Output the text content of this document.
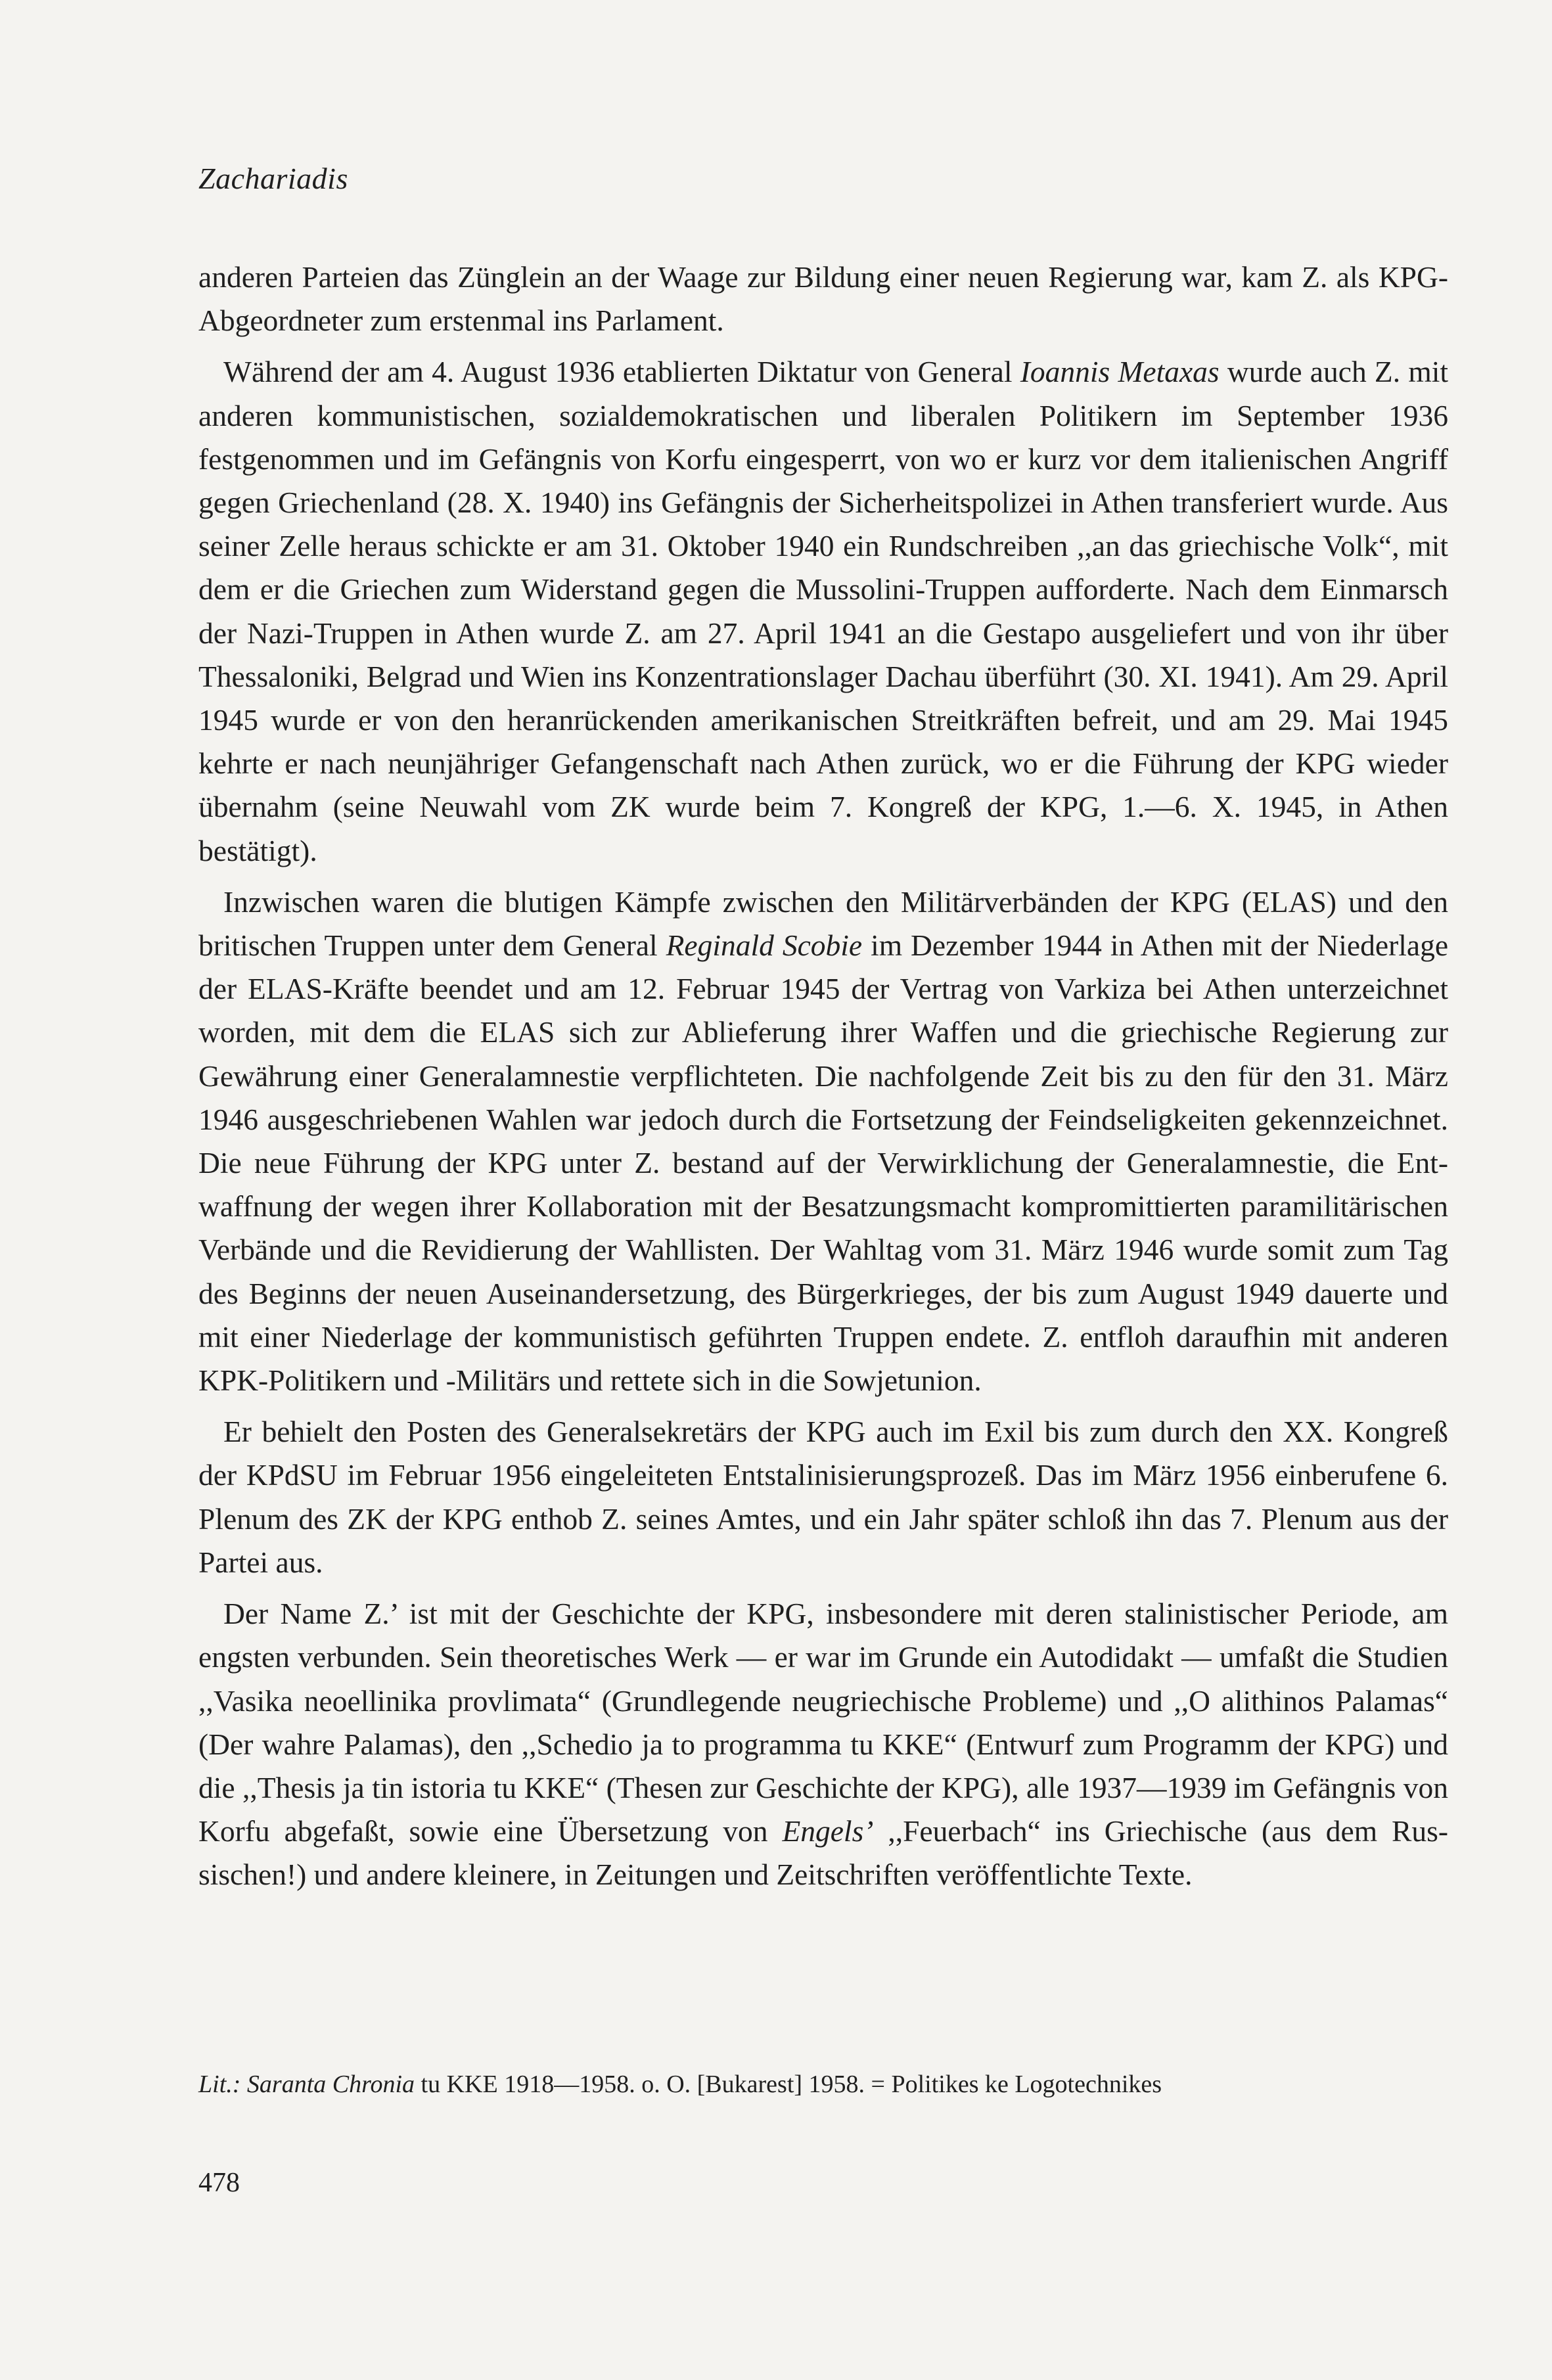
Zachariadis

anderen Parteien das Zünglein an der Waage zur Bildung einer neuen Regierung war, kam Z. als KPG-Abgeordneter zum erstenmal ins Parlament.

Während der am 4. August 1936 etablierten Diktatur von General Ioannis Metaxas wurde auch Z. mit anderen kommunistischen, sozialdemokratischen und liberalen Politikern im September 1936 festgenommen und im Gefängnis von Korfu eingesperrt, von wo er kurz vor dem italienischen Angriff gegen Griechenland (28. X. 1940) ins Gefängnis der Sicherheitspolizei in Athen transferiert wurde. Aus seiner Zelle heraus schickte er am 31. Oktober 1940 ein Rundschreiben ,,an das griechische Volk“, mit dem er die Griechen zum Widerstand gegen die Mussolini-Truppen aufforderte. Nach dem Einmarsch der Nazi-Truppen in Athen wurde Z. am 27. April 1941 an die Gestapo ausgeliefert und von ihr über Thessaloniki, Belgrad und Wien ins Konzentrationslager Dachau überführt (30. XI. 1941). Am 29. April 1945 wurde er von den heranrückenden amerikanischen Streitkräften befreit, und am 29. Mai 1945 kehrte er nach neunjähriger Gefangenschaft nach Athen zurück, wo er die Führung der KPG wieder übernahm (seine Neuwahl vom ZK wurde beim 7. Kongreß der KPG, 1.—6. X. 1945, in Athen bestätigt).

Inzwischen waren die blutigen Kämpfe zwischen den Militärverbänden der KPG (ELAS) und den britischen Truppen unter dem General Reginald Scobie im Dezember 1944 in Athen mit der Niederlage der ELAS-Kräfte beendet und am 12. Februar 1945 der Vertrag von Varkiza bei Athen unterzeichnet worden, mit dem die ELAS sich zur Ablieferung ihrer Waffen und die griechische Regierung zur Gewährung einer Generalamnestie verpflichteten. Die nachfolgende Zeit bis zu den für den 31. März 1946 ausgeschriebenen Wahlen war jedoch durch die Fortsetzung der Feindseligkeiten gekennzeichnet. Die neue Führung der KPG unter Z. bestand auf der Verwirklichung der Generalamnestie, die Entwaffnung der wegen ihrer Kollaboration mit der Besatzungsmacht kompromittierten paramilitärischen Verbände und die Revidierung der Wahllisten. Der Wahltag vom 31. März 1946 wurde somit zum Tag des Beginns der neuen Auseinandersetzung, des Bürgerkrieges, der bis zum August 1949 dauerte und mit einer Niederlage der kommunistisch geführten Truppen endete. Z. entfloh daraufhin mit anderen KPK-Politikern und -Militärs und rettete sich in die Sowjetunion.

Er behielt den Posten des Generalsekretärs der KPG auch im Exil bis zum durch den XX. Kongreß der KPdSU im Februar 1956 eingeleiteten Entstalinisierungsprozeß. Das im März 1956 einberufene 6. Plenum des ZK der KPG enthob Z. seines Amtes, und ein Jahr später schloß ihn das 7. Plenum aus der Partei aus.

Der Name Z.’ ist mit der Geschichte der KPG, insbesondere mit deren stalinistischer Periode, am engsten verbunden. Sein theoretisches Werk — er war im Grunde ein Autodidakt — umfaßt die Studien ,,Vasika neoellinika provlimata“ (Grundlegende neugriechische Probleme) und ,,O alithinos Palamas“ (Der wahre Palamas), den ,,Schedio ja to programma tu KKE“ (Entwurf zum Programm der KPG) und die ,,Thesis ja tin istoria tu KKE“ (Thesen zur Geschichte der KPG), alle 1937—1939 im Gefängnis von Korfu abgefaßt, sowie eine Übersetzung von Engels’ ,,Feuerbach“ ins Griechische (aus dem Russischen!) und andere kleinere, in Zeitungen und Zeitschriften veröffentlichte Texte.

Lit.: Saranta Chronia tu KKE 1918—1958. o. O. [Bukarest] 1958. = Politikes ke Logotechnikes
478
